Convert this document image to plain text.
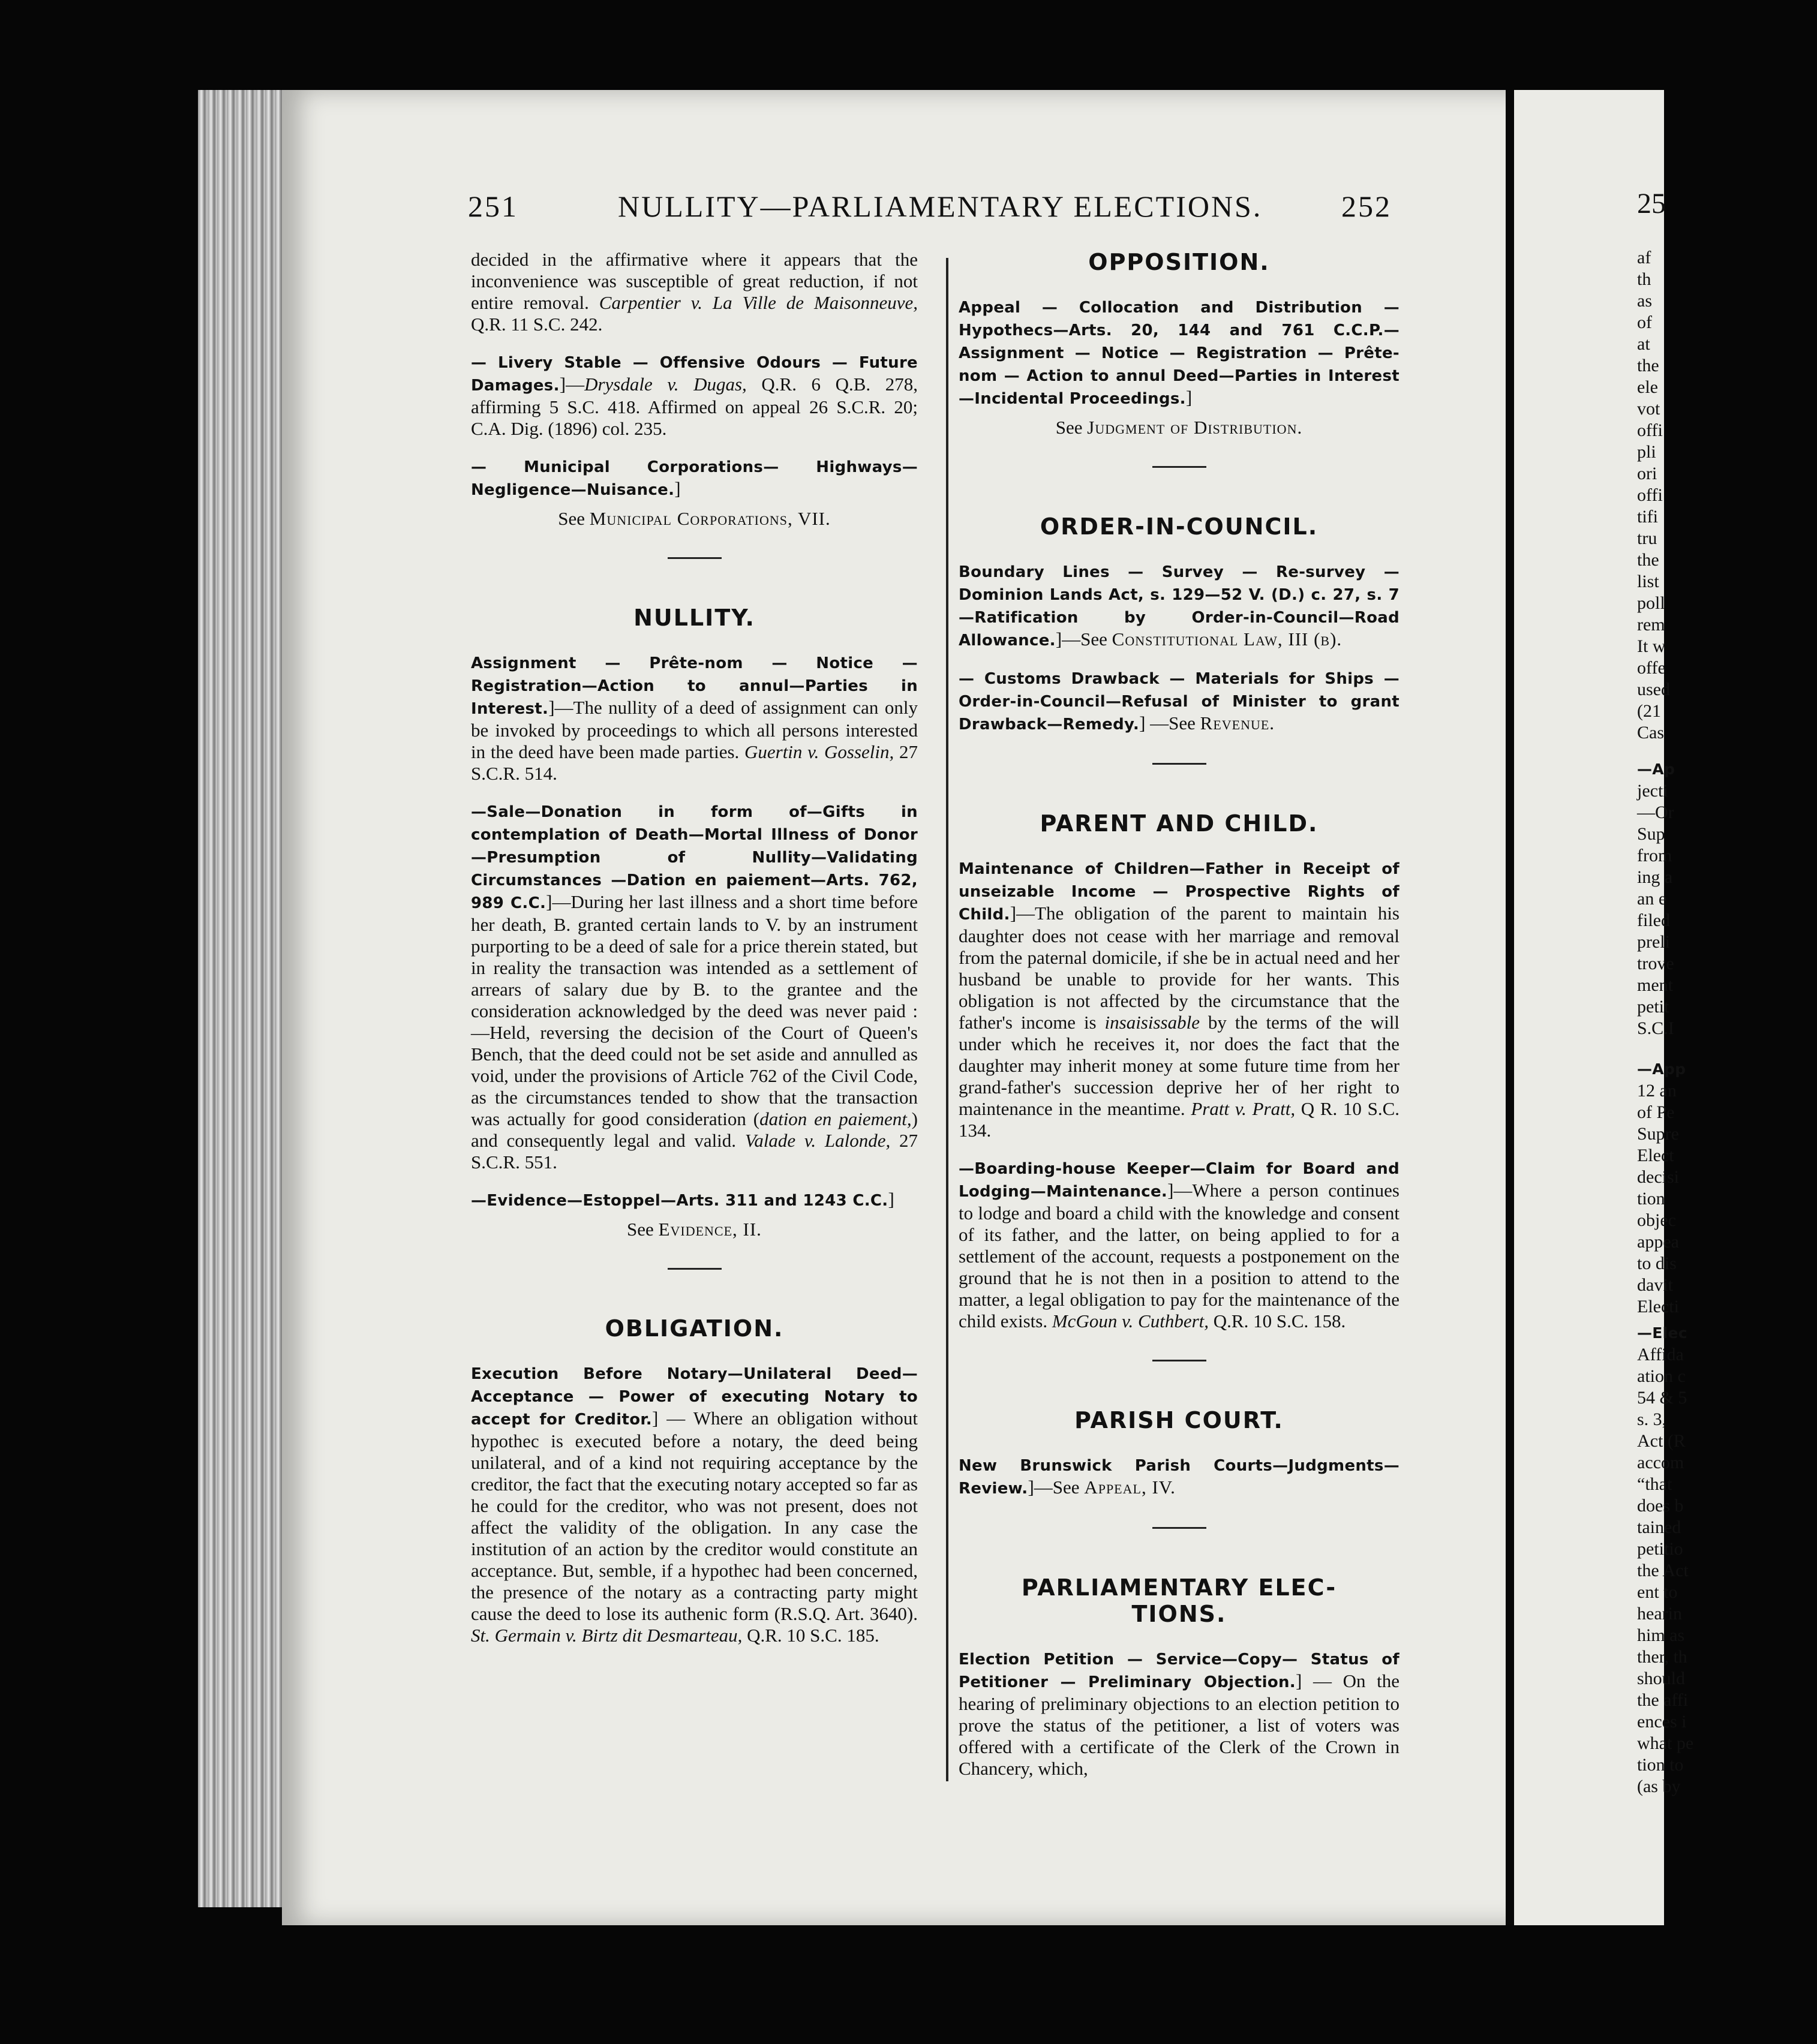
251	NULLITY—PARLIAMENTARY ELECTIONS.	252

decided in the affirmative where it appears that the inconvenience was susceptible of great reduction, if not entire removal. Carpentier v. La Ville de Maisonneuve, Q.R. 11 S.C. 242.

— Livery Stable — Offensive Odours — Future Damages.]—Drysdale v. Dugas, Q.R. 6 Q.B. 278, affirming 5 S.C. 418. Affirmed on appeal 26 S.C.R. 20; C.A. Dig. (1896) col. 235.

— Municipal Corporations— Highways— Negligence—Nuisance.]

See Municipal Corporations, VII.
NULLITY.

Assignment — Prête-nom — Notice — Registration—Action to annul—Parties in Interest.]—The nullity of a deed of assignment can only be invoked by proceedings to which all persons interested in the deed have been made parties. Guertin v. Gosselin, 27 S.C.R. 514.

—Sale—Donation in form of—Gifts in contemplation of Death—Mortal Illness of Donor—Presumption of Nullity—Validating Circumstances —Dation en paiement—Arts. 762, 989 C.C.]—During her last illness and a short time before her death, B. granted certain lands to V. by an instrument purporting to be a deed of sale for a price therein stated, but in reality the transaction was intended as a settlement of arrears of salary due by B. to the grantee and the consideration acknowledged by the deed was never paid :—Held, reversing the decision of the Court of Queen's Bench, that the deed could not be set aside and annulled as void, under the provisions of Article 762 of the Civil Code, as the circumstances tended to show that the transaction was actually for good consideration (dation en paiement,) and consequently legal and valid. Valade v. Lalonde, 27 S.C.R. 551.

—Evidence—Estoppel—Arts. 311 and 1243 C.C.]

See Evidence, II.
OBLIGATION.

Execution Before Notary—Unilateral Deed—Acceptance — Power of executing Notary to accept for Creditor.] — Where an obligation without hypothec is executed before a notary, the deed being unilateral, and of a kind not requiring acceptance by the creditor, the fact that the executing notary accepted so far as he could for the creditor, who was not present, does not affect the validity of the obligation. In any case the institution of an action by the creditor would constitute an acceptance. But, semble, if a hypothec had been concerned, the presence of the notary as a contracting party might cause the deed to lose its authenic form (R.S.Q. Art. 3640). St. Germain v. Birtz dit Desmarteau, Q.R. 10 S.C. 185.

OPPOSITION.

Appeal — Collocation and Distribution — Hypothecs—Arts. 20, 144 and 761 C.C.P.—Assignment — Notice — Registration — Prête-nom — Action to annul Deed—Parties in Interest—Incidental Proceedings.]

See Judgment of Distribution.
ORDER-IN-COUNCIL.

Boundary Lines — Survey — Re-survey — Dominion Lands Act, s. 129—52 V. (D.) c. 27, s. 7—Ratification by Order-in-Council—Road Allowance.]—See Constitutional Law, III (b).

— Customs Drawback — Materials for Ships — Order-in-Council—Refusal of Minister to grant Drawback—Remedy.] —See Revenue.

PARENT AND CHILD.

Maintenance of Children—Father in Receipt of unseizable Income — Prospective Rights of Child.]—The obligation of the parent to maintain his daughter does not cease with her marriage and removal from the paternal domicile, if she be in actual need and her husband be unable to provide for her wants. This obligation is not affected by the circumstance that the father's income is insaisissable by the terms of the will under which he receives it, nor does the fact that the daughter may inherit money at some future time from her grand-father's succession deprive her of her right to maintenance in the meantime. Pratt v. Pratt, Q R. 10 S.C. 134.

—Boarding-house Keeper—Claim for Board and Lodging—Maintenance.]—Where a person continues to lodge and board a child with the knowledge and consent of its father, and the latter, on being applied to for a settlement of the account, requests a postponement on the ground that he is not then in a position to attend to the matter, a legal obligation to pay for the maintenance of the child exists. McGoun v. Cuthbert, Q.R. 10 S.C. 158.

PARISH COURT.

New Brunswick Parish Courts—Judgments—Review.]—See Appeal, IV.

PARLIAMENTARY ELEC-
TIONS.

Election Petition — Service—Copy— Status of Petitioner — Preliminary Objection.] — On the hearing of preliminary objections to an election petition to prove the status of the petitioner, a list of voters was offered with a certificate of the Clerk of the Crown in Chancery, which,

25
af
th
as
of
at
the
ele
vot
offi
pli
ori
offi
tifi
tru
the
list
poll
rem
It w
offe
used
(21
Cas
—Ap
jecti
—Or
Sup
from
ing a
an e
filed
preli
trove
ment
petit
S.C.I
—App
12 an
of Pe
Supre
Elect
decisi
tion
objec
appea
to dis
davit
Electi
—Elec
Affida
ation c
54 & 5
s. 3,
Act (R
accom
“that
does b
tained
petitio
the Act
ent to
hearin
him as
ther, th
should
the affi
ences i
what pe
tion to
(as by
